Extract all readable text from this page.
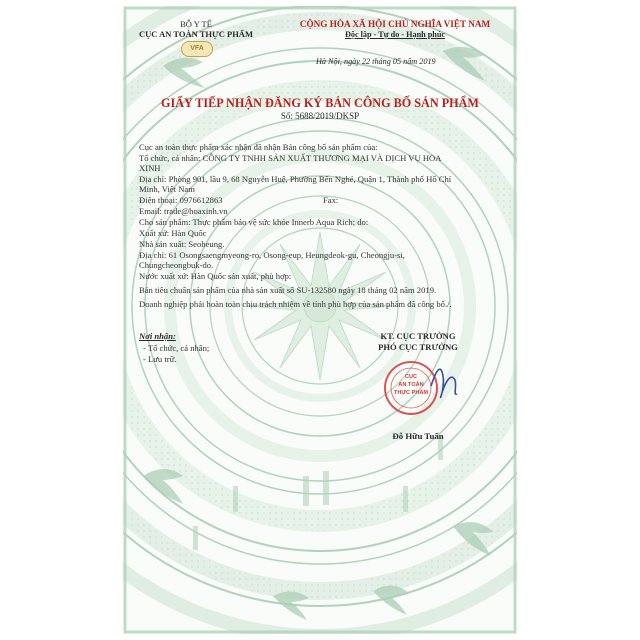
BỘ Y TẾ
CỤC AN TOÀN THỰC PHẨM
VFA
CỘNG HÒA XÃ HỘI CHỦ NGHĨA VIỆT NAM
Độc lập - Tự do - Hạnh phúc
Hà Nội, ngày 22 tháng 05 năm 2019
GIẤY TIẾP NHẬN ĐĂNG KÝ BẢN CÔNG BỐ SẢN PHẨM
Số: 5688/2019/DKSP
Cục an toàn thực phẩm xác nhận đã nhận Bản công bố sản phẩm của:
Tổ chức, cá nhân: CÔNG TY TNHH SẢN XUẤT THƯƠNG MẠI VÀ DỊCH VỤ HOA
XINH
Địa chỉ: Phòng 901, lầu 9, 68 Nguyễn Huệ, Phường Bến Nghé, Quận 1, Thành phố Hồ Chí
Minh, Việt Nam
Điện thoại: 0976612863	Fax:
Email: trade@hoaxinh.vn
Cho sản phẩm: Thực phẩm bảo vệ sức khỏe Innerb Aqua Rich; do:
Xuất xứ: Hàn Quốc
Nhà sản xuất: Seoheung.
Địa chỉ: 61 Osongsaengmyeong-ro, Osong-eup, Heungdeok-gu, Cheongju-si,
Chungcheongbuk-do.
Nước xuất xứ: Hàn Quốc sản xuất, phù hợp:
Bản tiêu chuẩn sản phẩm của nhà sản xuất số SU-132580 ngày 18 tháng 02 năm 2019.
Doanh nghiệp phải hoàn toàn chịu trách nhiệm về tính phù hợp của sản phẩm đã công bố./.
Nơi nhận:
- Tổ chức, cá nhân;
- Lưu trữ.
KT. CỤC TRƯỞNG
PHÓ CỤC TRƯỞNG
CỤC
AN TOÀN
THỰC PHẨM
Đỗ Hữu Tuấn
